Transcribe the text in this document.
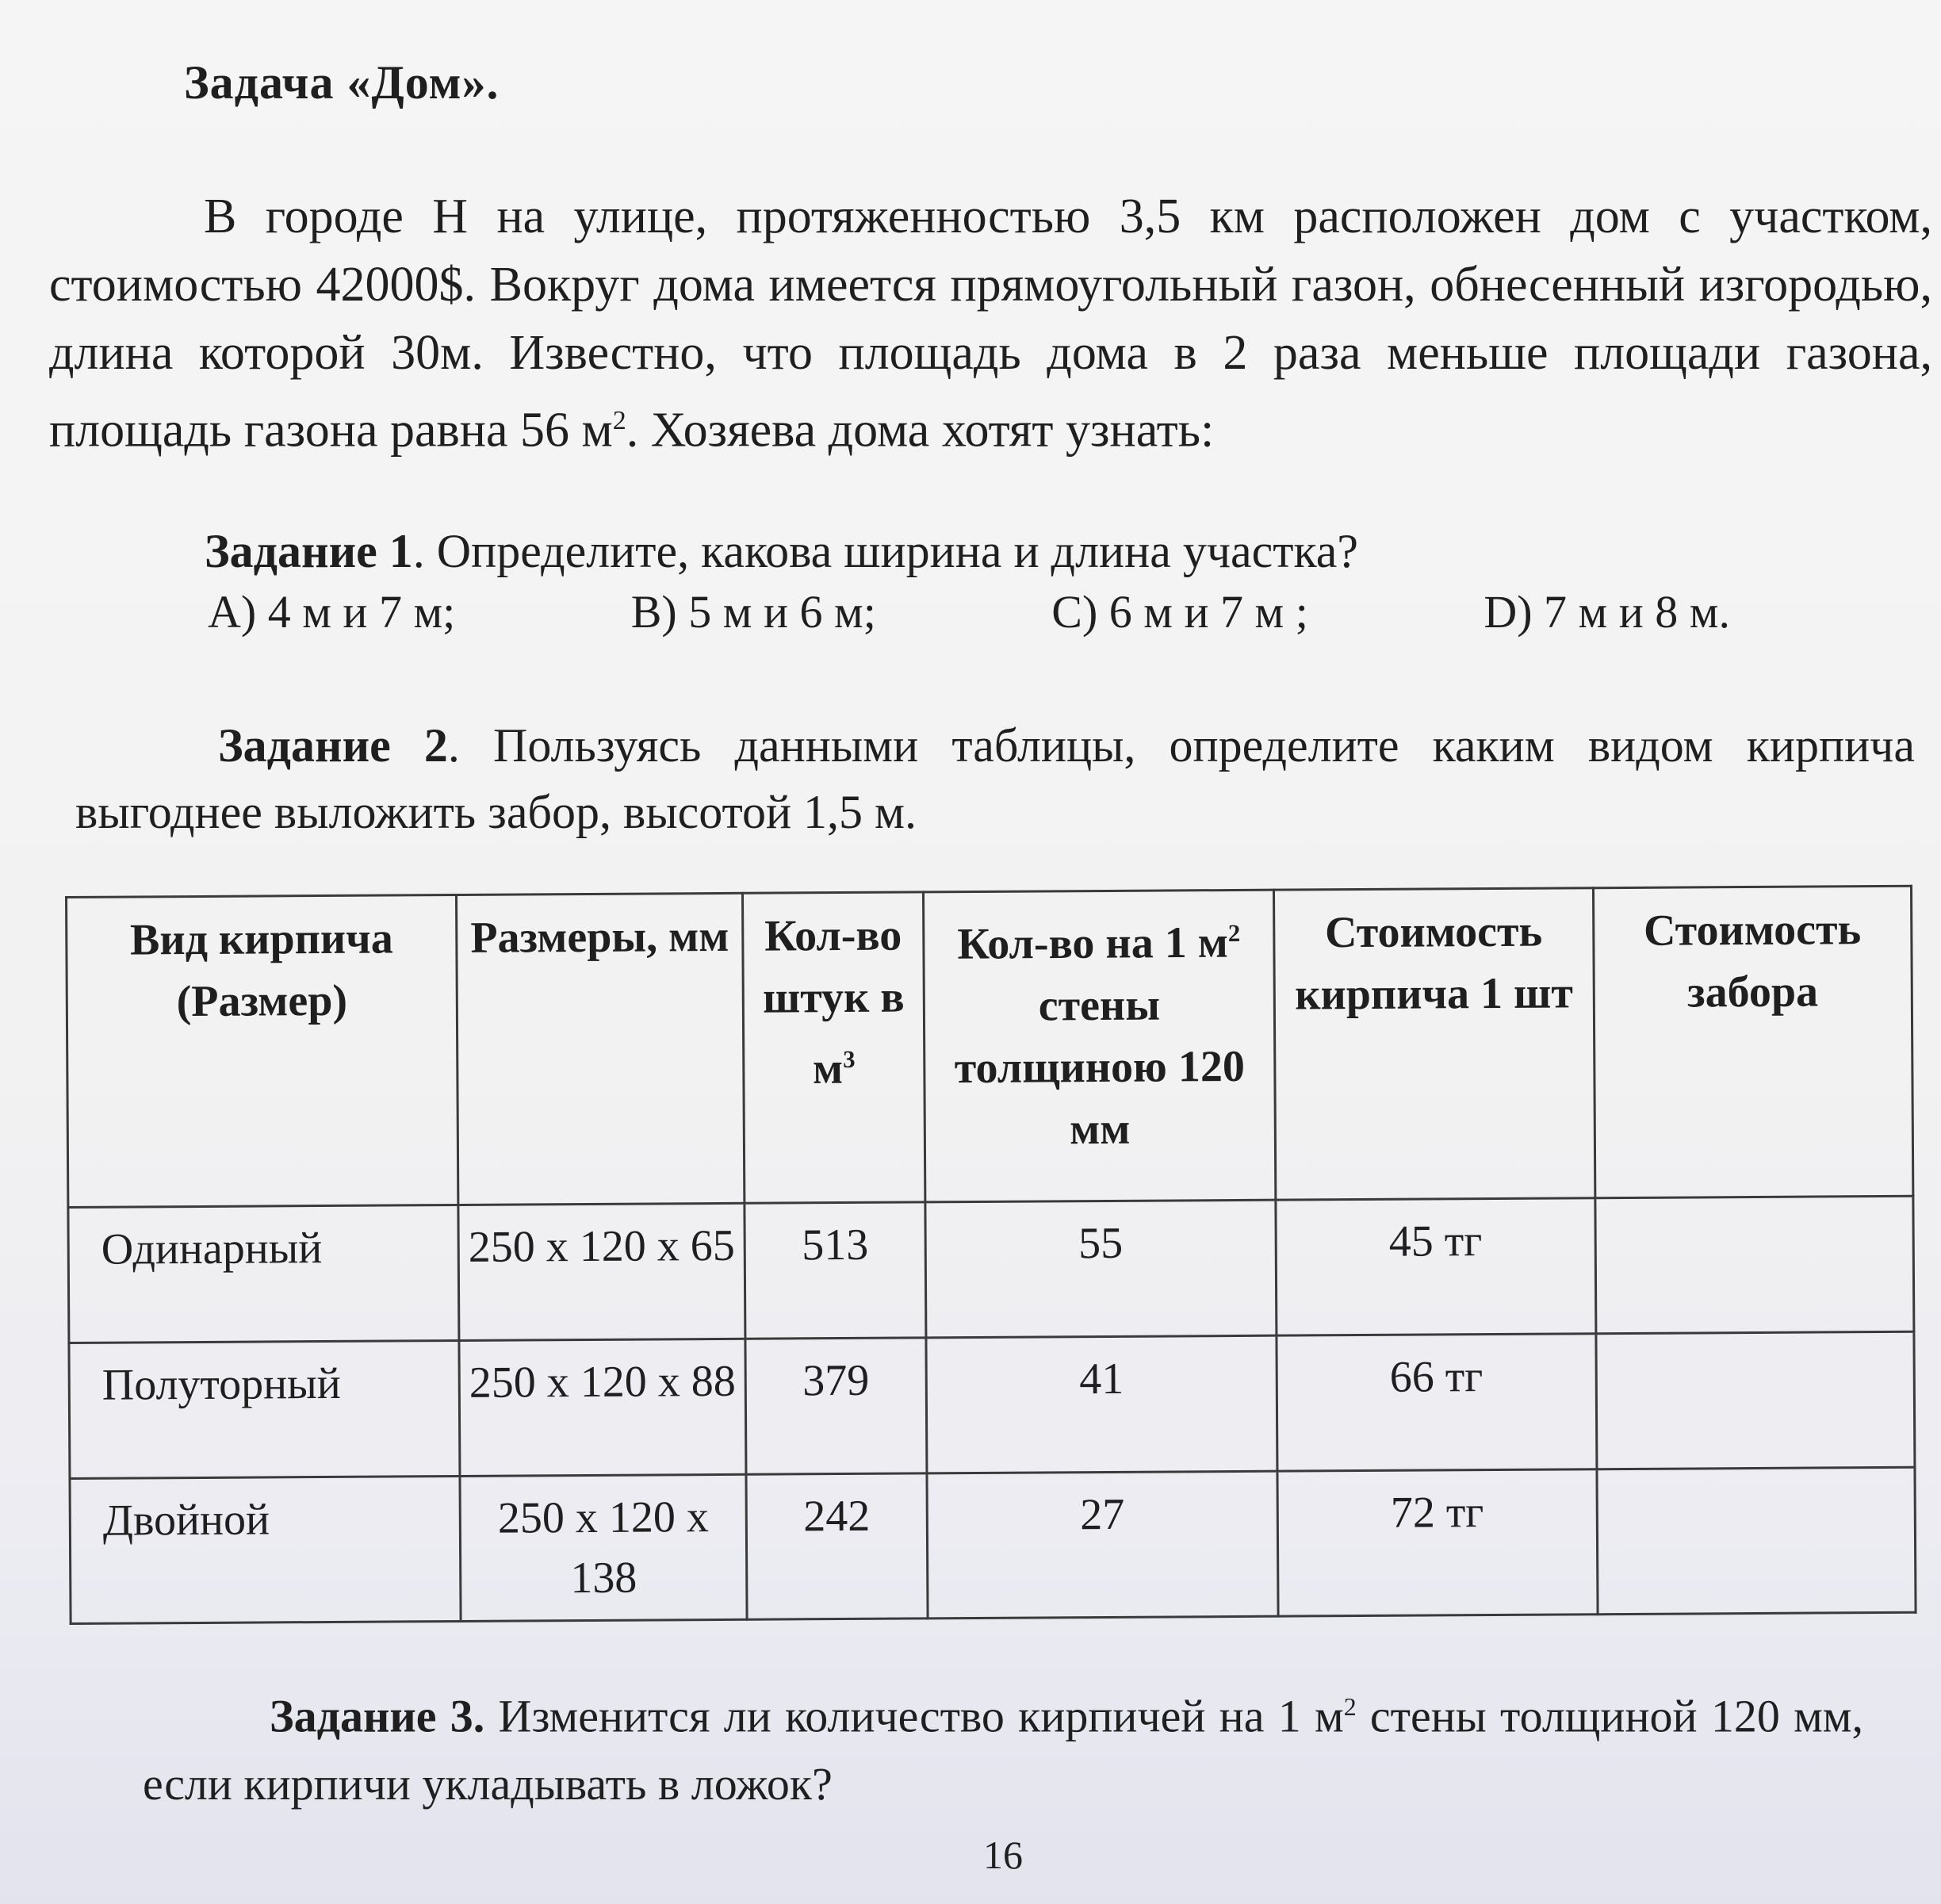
Задача «Дом».

В городе Н на улице, протяженностью 3,5 км расположен дом с участком, стоимостью 42000$. Вокруг дома имеется прямоугольный газон, обнесенный изгородью, длина которой 30м. Известно, что площадь дома в 2 раза меньше площади газона, площадь газона равна 56 $м^2$. Хозяева дома хотят узнать:

Задание 1. Определите, какова ширина и длина участка?
A) 4 м и 7 м;	B) 5 м и 6 м;	C) 6 м и 7 м ;	D) 7 м и 8 м.

Задание 2. Пользуясь данными таблицы, определите каким видом кирпича выгоднее выложить забор, высотой 1,5 м.

Вид кирпича (Размер)	Размеры, мм	Кол-во штук в $м^3$	Кол-во на 1 $м^2$ стены толщиною 120 мм	Стоимость кирпича 1 шт	Стоимость забора
Одинарный	250 х 120 х 65	513	55	45 тг	
Полуторный	250 х 120 х 88	379	41	66 тг	
Двойной	250 х 120 х 138	242	27	72 тг	

Задание 3. Изменится ли количество кирпичей на 1 $м^2$ стены толщиной 120 мм, если кирпичи укладывать в ложок?

16
